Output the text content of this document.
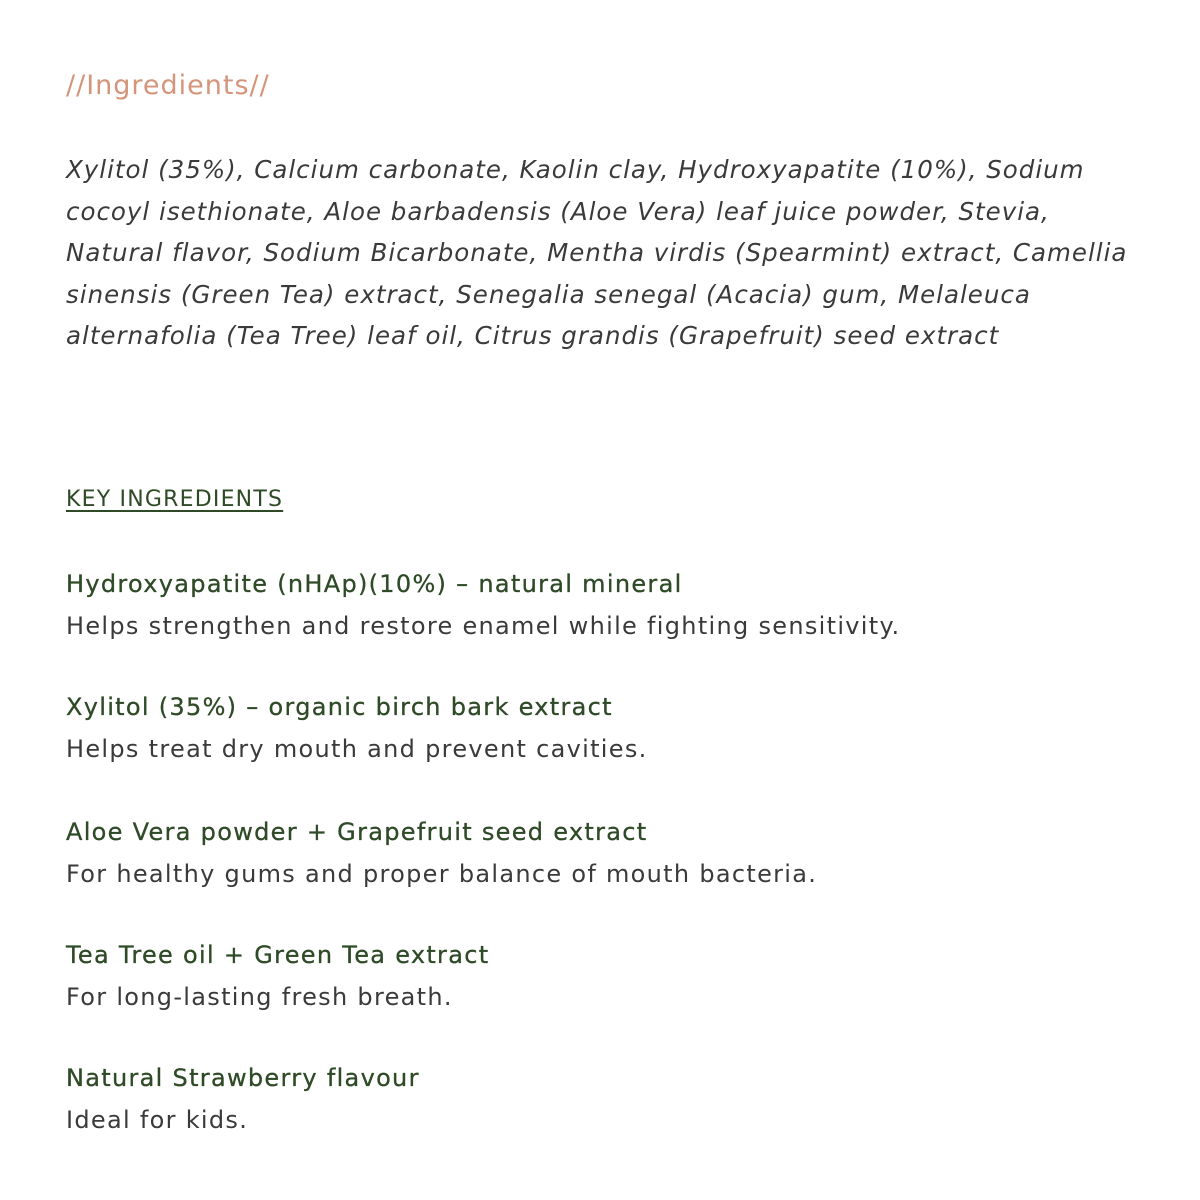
//Ingredients//

Xylitol (35%), Calcium carbonate, Kaolin clay, Hydroxyapatite (10%), Sodium cocoyl isethionate, Aloe barbadensis (Aloe Vera) leaf juice powder, Stevia, Natural flavor, Sodium Bicarbonate, Mentha virdis (Spearmint) extract, Camellia sinensis (Green Tea) extract, Senegalia senegal (Acacia) gum, Melaleuca alternafolia (Tea Tree) leaf oil, Citrus grandis (Grapefruit) seed extract

KEY INGREDIENTS
Hydroxyapatite (nHAp)(10%) – natural mineral

Helps strengthen and restore enamel while fighting sensitivity.

Xylitol (35%) – organic birch bark extract

Helps treat dry mouth and prevent cavities.

Aloe Vera powder + Grapefruit seed extract

For healthy gums and proper balance of mouth bacteria.

Tea Tree oil + Green Tea extract

For long-lasting fresh breath.

Natural Strawberry flavour

Ideal for kids.
